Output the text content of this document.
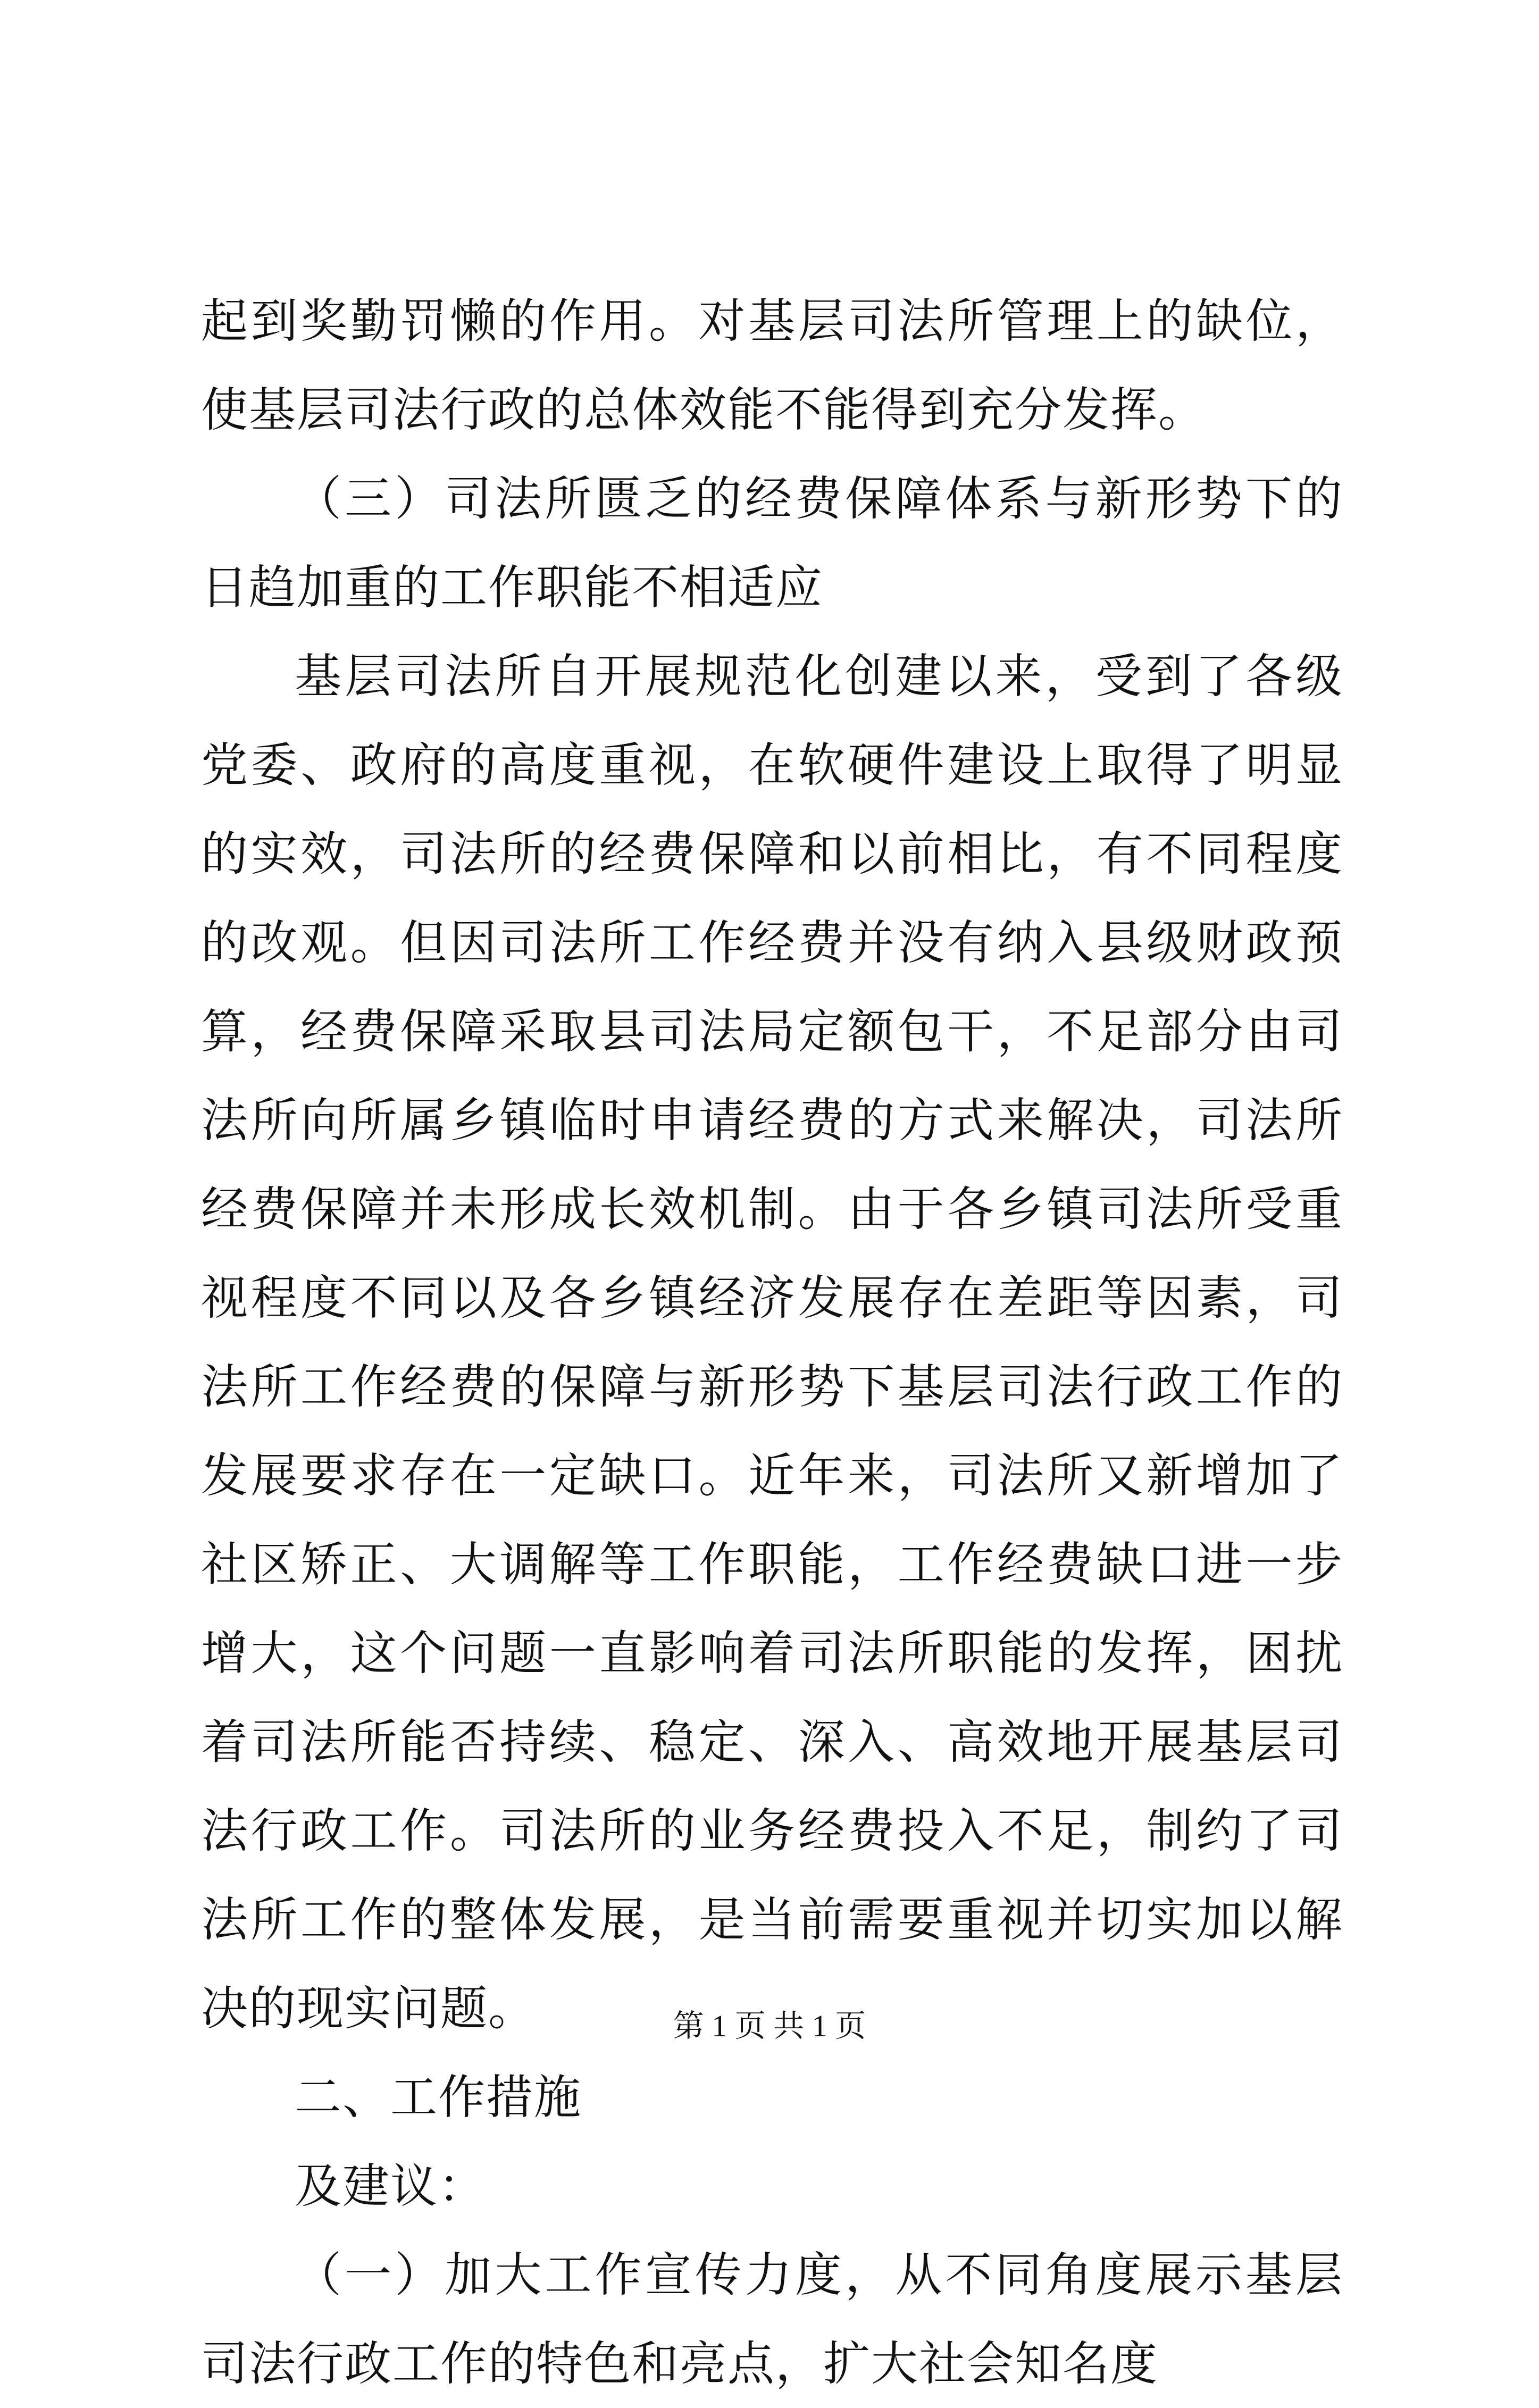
起到奖勤罚懒的作用。对基层司法所管理上的缺位，使基层司法行政的总体效能不能得到充分发挥。

（三）司法所匮乏的经费保障体系与新形势下的日趋加重的工作职能不相适应

基层司法所自开展规范化创建以来，受到了各级党委、政府的高度重视，在软硬件建设上取得了明显的实效，司法所的经费保障和以前相比，有不同程度的改观。但因司法所工作经费并没有纳入县级财政预算，经费保障采取县司法局定额包干，不足部分由司法所向所属乡镇临时申请经费的方式来解决，司法所经费保障并未形成长效机制。由于各乡镇司法所受重视程度不同以及各乡镇经济发展存在差距等因素，司法所工作经费的保障与新形势下基层司法行政工作的发展要求存在一定缺口。近年来，司法所又新增加了社区矫正、大调解等工作职能，工作经费缺口进一步增大，这个问题一直影响着司法所职能的发挥，困扰着司法所能否持续、稳定、深入、高效地开展基层司法行政工作。司法所的业务经费投入不足，制约了司法所工作的整体发展，是当前需要重视并切实加以解决的现实问题。

二、工作措施

及建议：

（一）加大工作宣传力度，从不同角度展示基层司法行政工作的特色和亮点，扩大社会知名度

第 1 页 共 1 页
